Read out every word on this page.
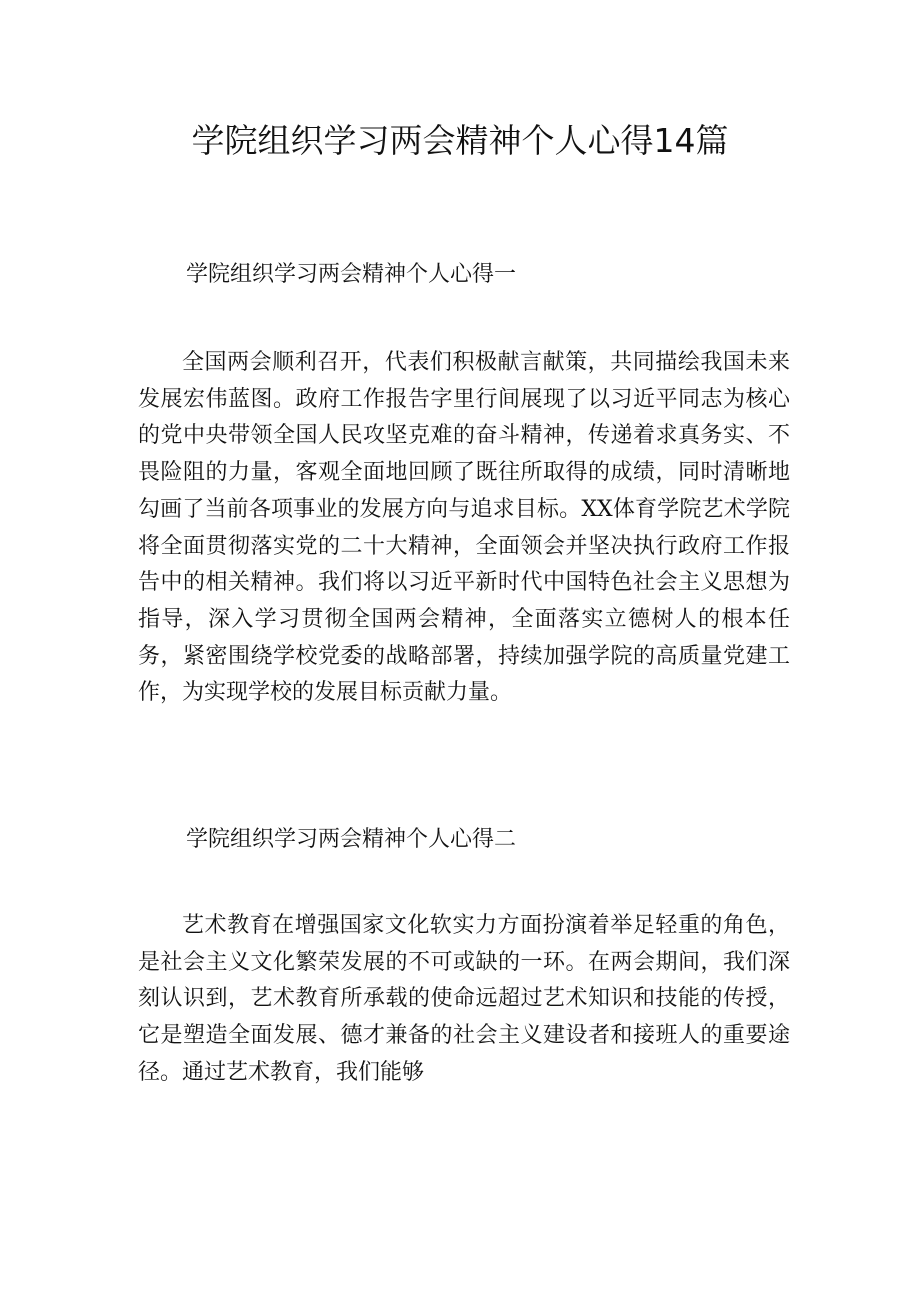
学院组织学习两会精神个人心得14篇
学院组织学习两会精神个人心得一

全国两会顺利召开，代表们积极献言献策，共同描绘我国未来发展宏伟蓝图。政府工作报告字里行间展现了以习近平同志为核心的党中央带领全国人民攻坚克难的奋斗精神，传递着求真务实、不畏险阻的力量，客观全面地回顾了既往所取得的成绩，同时清晰地勾画了当前各项事业的发展方向与追求目标。XX体育学院艺术学院将全面贯彻落实党的二十大精神，全面领会并坚决执行政府工作报告中的相关精神。我们将以习近平新时代中国特色社会主义思想为指导，深入学习贯彻全国两会精神，全面落实立德树人的根本任务，紧密围绕学校党委的战略部署，持续加强学院的高质量党建工作，为实现学校的发展目标贡献力量。

学院组织学习两会精神个人心得二

艺术教育在增强国家文化软实力方面扮演着举足轻重的角色，是社会主义文化繁荣发展的不可或缺的一环。在两会期间，我们深刻认识到，艺术教育所承载的使命远超过艺术知识和技能的传授，它是塑造全面发展、德才兼备的社会主义建设者和接班人的重要途径。通过艺术教育，我们能够
